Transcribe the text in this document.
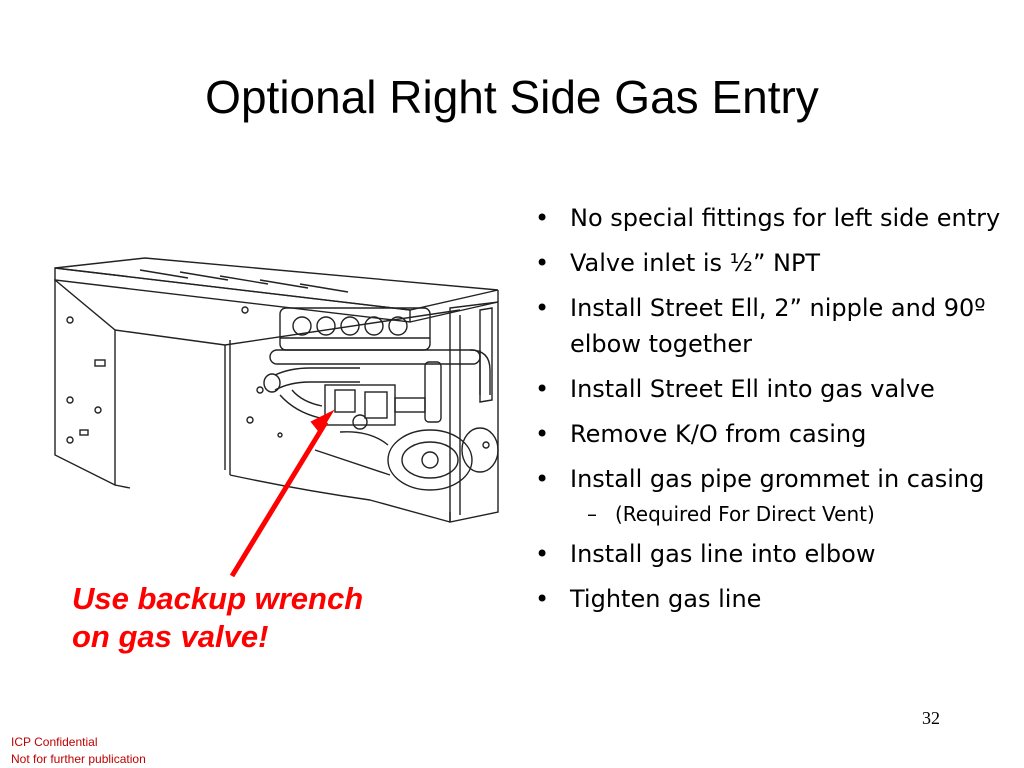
Optional Right Side Gas Entry
Use backup wrench
on gas valve!
• No special fittings for left side entry
• Valve inlet is ½” NPT
• Install Street Ell, 2” nipple and 90º elbow together
• Install Street Ell into gas valve
• Remove K/O from casing
• Install gas pipe grommet in casing
– (Required For Direct Vent)
• Install gas line into elbow
• Tighten gas line
32
ICP Confidential
Not for further publication
